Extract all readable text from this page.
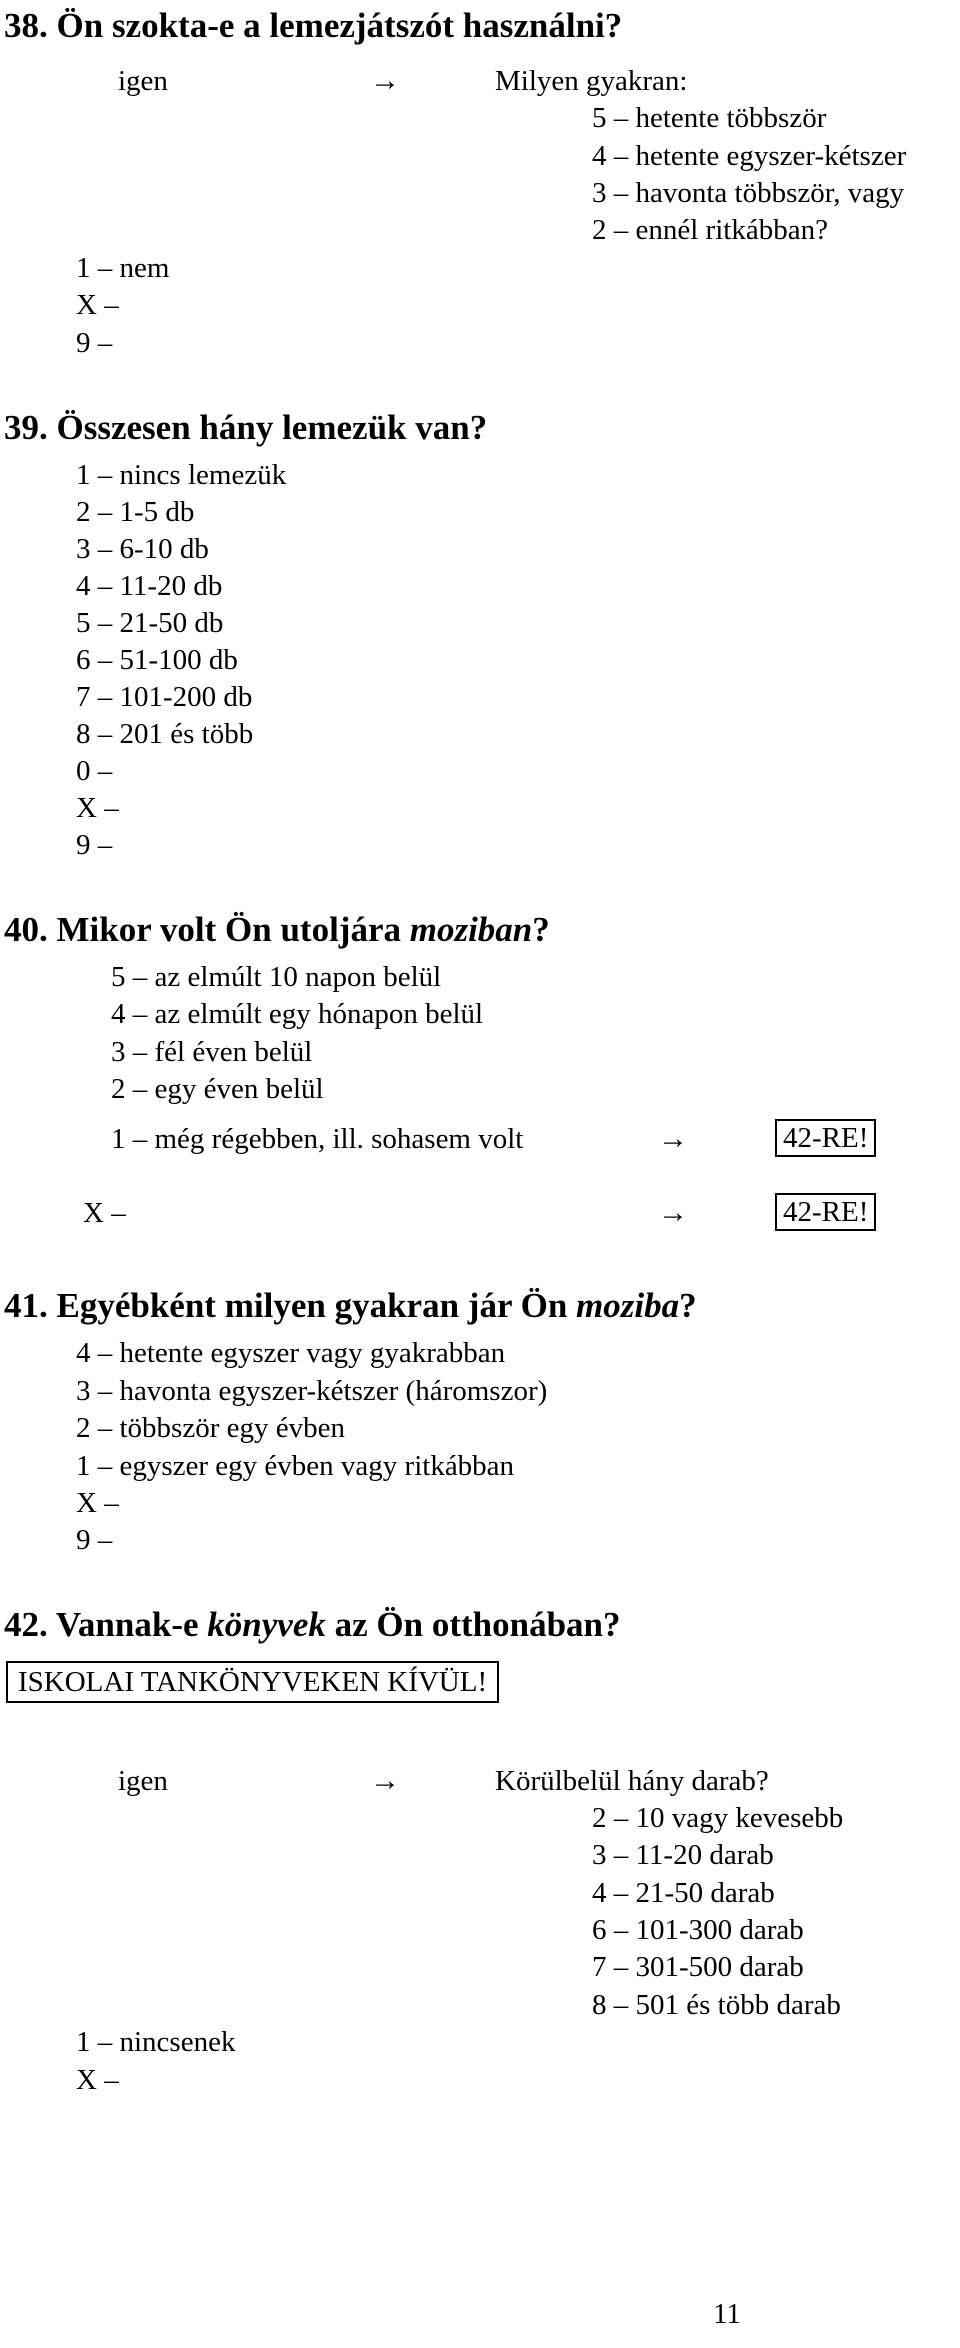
38. Ön szokta-e a lemezjátszót használni?
igen	→	Milyen gyakran:
5 – hetente többször
4 – hetente egyszer-kétszer
3 – havonta többször, vagy
2 – ennél ritkábban?
1 – nem
X –
9 –
39. Összesen hány lemezük van?
1 – nincs lemezük
2 – 1-5 db
3 – 6-10 db
4 – 11-20 db
5 – 21-50 db
6 – 51-100 db
7 – 101-200 db
8 – 201 és több
0 –
X –
9 –
40. Mikor volt Ön utoljára moziban?
5 – az elmúlt 10 napon belül
4 – az elmúlt egy hónapon belül
3 – fél éven belül
2 – egy éven belül
1 – még régebben, ill. sohasem volt	→	42-RE!
X –	→	42-RE!
41. Egyébként milyen gyakran jár Ön moziba?
4 – hetente egyszer vagy gyakrabban
3 – havonta egyszer-kétszer (háromszor)
2 – többször egy évben
1 – egyszer egy évben vagy ritkábban
X –
9 –
42. Vannak-e könyvek az Ön otthonában?
ISKOLAI TANKÖNYVEKEN KÍVÜL!
igen	→	Körülbelül hány darab?
2 – 10 vagy kevesebb
3 – 11-20 darab
4 – 21-50 darab
6 – 101-300 darab
7 – 301-500 darab
8 – 501 és több darab
1 – nincsenek
X –
11
